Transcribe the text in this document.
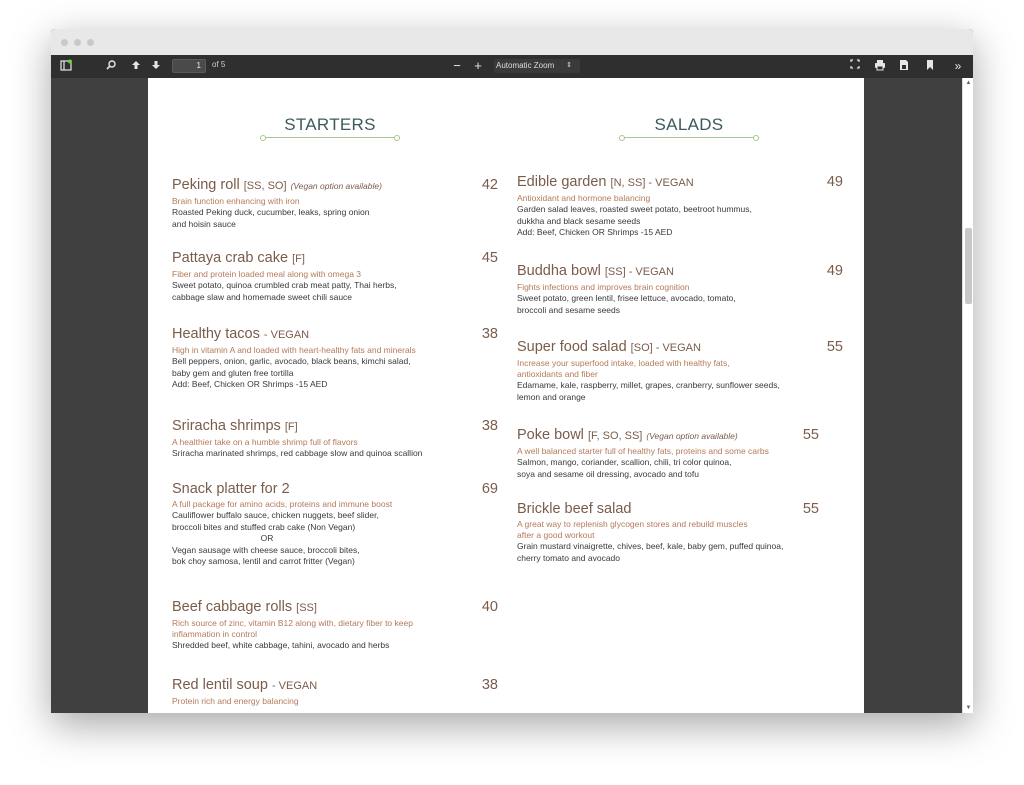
1	of 5	− +	Automatic Zoom ⇕	»
STARTERS
Peking roll [SS, SO] (Vegan option available)	42
Brain function enhancing with iron
Roasted Peking duck, cucumber, leaks, spring onion
and hoisin sauce
Pattaya crab cake [F]	45
Fiber and protein loaded meal along with omega 3
Sweet potato, quinoa crumbled crab meat patty, Thai herbs,
cabbage slaw and homemade sweet chili sauce
Healthy tacos - VEGAN	38
High in vitamin A and loaded with heart-healthy fats and minerals
Bell peppers, onion, garlic, avocado, black beans, kimchi salad,
baby gem and gluten free tortilla
Add: Beef, Chicken OR Shrimps -15 AED
Sriracha shrimps [F]	38
A healthier take on a humble shrimp full of flavors
Sriracha marinated shrimps, red cabbage slow and quinoa scallion
Snack platter for 2	69
A full package for amino acids, proteins and immune boost
Cauliflower buffalo sauce, chicken nuggets, beef slider,
broccoli bites and stuffed crab cake (Non Vegan)
OR
Vegan sausage with cheese sauce, broccoli bites,
bok choy samosa, lentil and carrot fritter (Vegan)
Beef cabbage rolls [SS]	40
Rich source of zinc, vitamin B12 along with, dietary fiber to keep
inflammation in control
Shredded beef, white cabbage, tahini, avocado and herbs
Red lentil soup - VEGAN	38
Protein rich and energy balancing
SALADS
Edible garden [N, SS] - VEGAN	49
Antioxidant and hormone balancing
Garden salad leaves, roasted sweet potato, beetroot hummus,
dukkha and black sesame seeds
Add: Beef, Chicken OR Shrimps -15 AED
Buddha bowl [SS] - VEGAN	49
Fights infections and improves brain cognition
Sweet potato, green lentil, frisee lettuce, avocado, tomato,
broccoli and sesame seeds
Super food salad [SO] - VEGAN	55
Increase your superfood intake, loaded with healthy fats,
antioxidants and fiber
Edamame, kale, raspberry, millet, grapes, cranberry, sunflower seeds,
lemon and orange
Poke bowl [F, SO, SS] (Vegan option available)	55
A well balanced starter full of healthy fats, proteins and some carbs
Salmon, mango, coriander, scallion, chili, tri color quinoa,
soya and sesame oil dressing, avocado and tofu
Brickle beef salad	55
A great way to replenish glycogen stores and rebuild muscles
after a good workout
Grain mustard vinaigrette, chives, beef, kale, baby gem, puffed quinoa,
cherry tomato and avocado
▲
▼
